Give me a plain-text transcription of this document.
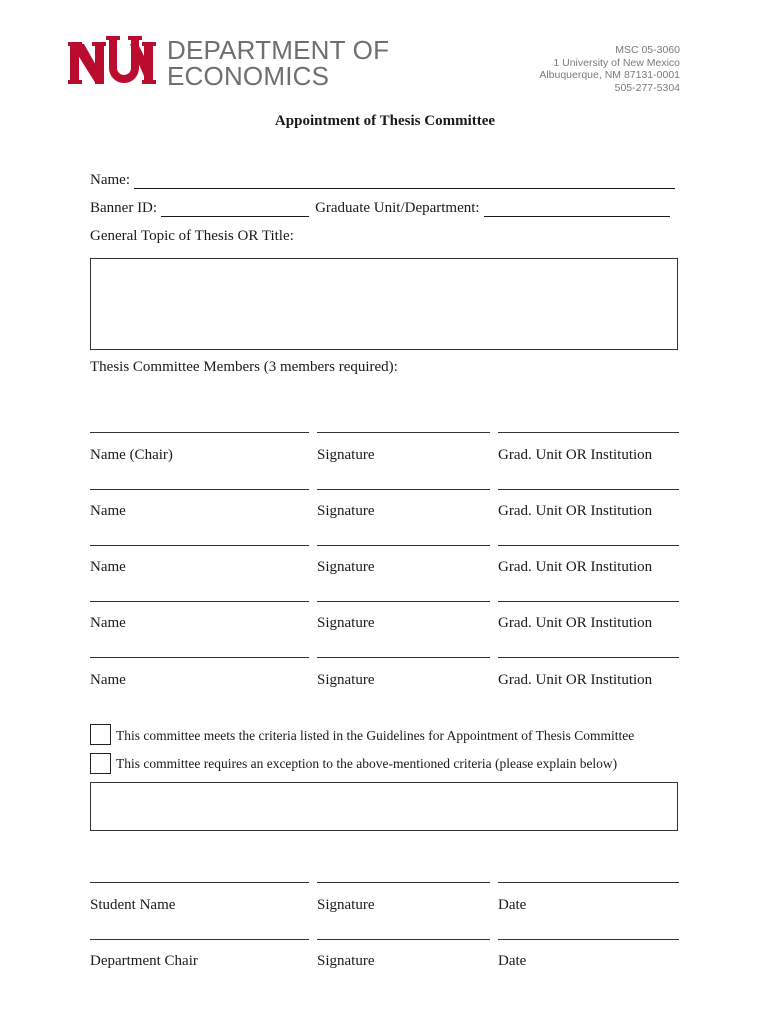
DEPARTMENT OF
ECONOMICS
MSC 05-3060
1 University of New Mexico
Albuquerque, NM 87131-0001
505-277-5304
Appointment of Thesis Committee
Name:
Banner ID:	Graduate Unit/Department:
General Topic of Thesis OR Title:
Thesis Committee Members (3 members required):
Name (Chair)	Signature	Grad. Unit OR Institution
Name	Signature	Grad. Unit OR Institution
Name	Signature	Grad. Unit OR Institution
Name	Signature	Grad. Unit OR Institution
Name	Signature	Grad. Unit OR Institution
This committee meets the criteria listed in the Guidelines for Appointment of Thesis Committee
This committee requires an exception to the above-mentioned criteria (please explain below)
Student Name	Signature	Date
Department Chair	Signature	Date
